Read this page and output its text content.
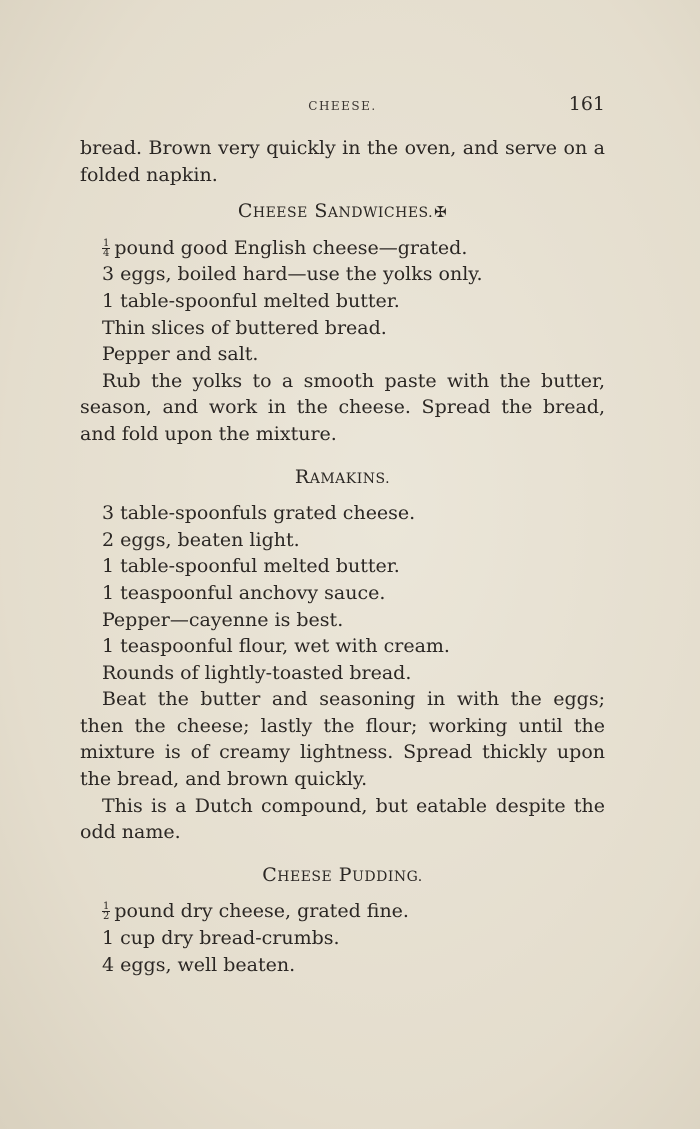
CHEESE.	161

bread. Brown very quickly in the oven, and serve on a folded napkin.

CHEESE SANDWICHES.✠

$\frac{1}{4}$ pound good English cheese—grated.

3 eggs, boiled hard—use the yolks only.

1 table-spoonful melted butter.

Thin slices of buttered bread.

Pepper and salt.

Rub the yolks to a smooth paste with the butter, season, and work in the cheese. Spread the bread, and fold upon the mixture.

RAMAKINS.

3 table-spoonfuls grated cheese.

2 eggs, beaten light.

1 table-spoonful melted butter.

1 teaspoonful anchovy sauce.

Pepper—cayenne is best.

1 teaspoonful flour, wet with cream.

Rounds of lightly-toasted bread.

Beat the butter and seasoning in with the eggs; then the cheese; lastly the flour; working until the mixture is of creamy lightness. Spread thickly upon the bread, and brown quickly.

This is a Dutch compound, but eatable despite the odd name.

CHEESE PUDDING.

$\frac{1}{2}$ pound dry cheese, grated fine.

1 cup dry bread-crumbs.

4 eggs, well beaten.
